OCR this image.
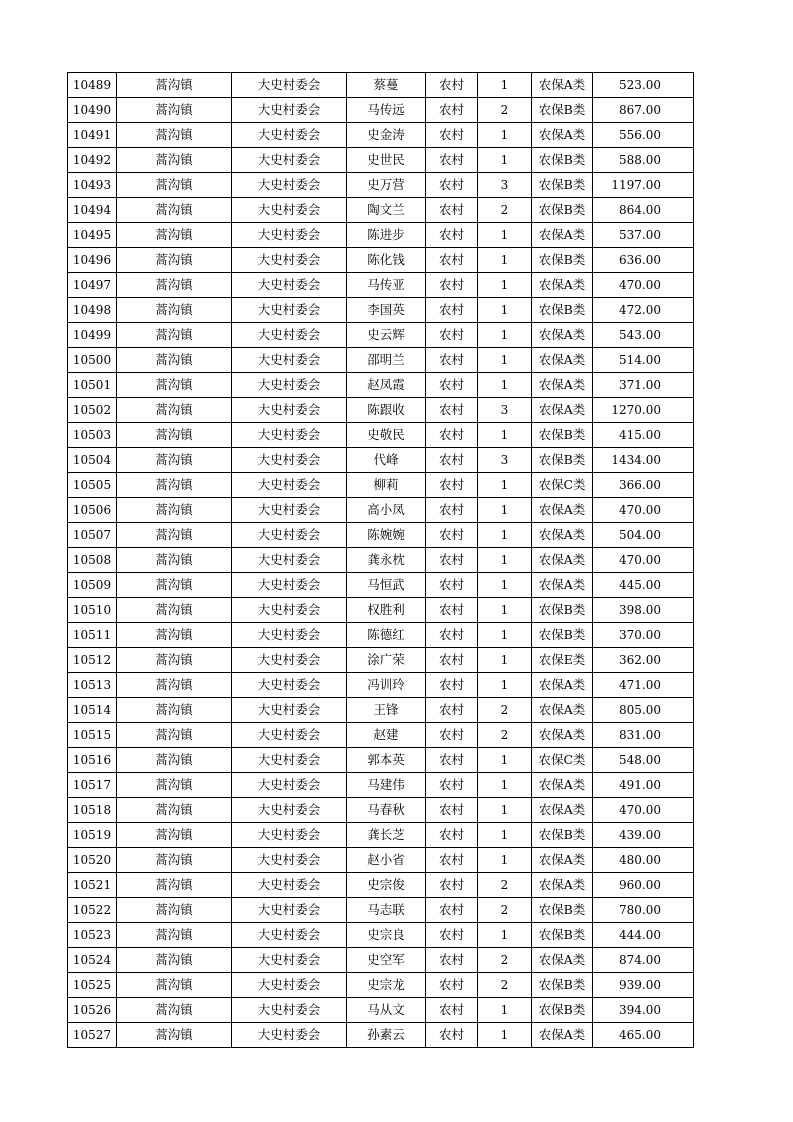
10489	蒿沟镇	大史村委会	蔡蔓	农村	1	农保A类	523.00
10490	蒿沟镇	大史村委会	马传远	农村	2	农保B类	867.00
10491	蒿沟镇	大史村委会	史金涛	农村	1	农保A类	556.00
10492	蒿沟镇	大史村委会	史世民	农村	1	农保B类	588.00
10493	蒿沟镇	大史村委会	史万营	农村	3	农保B类	1197.00
10494	蒿沟镇	大史村委会	陶文兰	农村	2	农保B类	864.00
10495	蒿沟镇	大史村委会	陈进步	农村	1	农保A类	537.00
10496	蒿沟镇	大史村委会	陈化钱	农村	1	农保B类	636.00
10497	蒿沟镇	大史村委会	马传亚	农村	1	农保A类	470.00
10498	蒿沟镇	大史村委会	李国英	农村	1	农保B类	472.00
10499	蒿沟镇	大史村委会	史云辉	农村	1	农保A类	543.00
10500	蒿沟镇	大史村委会	邵明兰	农村	1	农保A类	514.00
10501	蒿沟镇	大史村委会	赵凤霞	农村	1	农保A类	371.00
10502	蒿沟镇	大史村委会	陈跟收	农村	3	农保A类	1270.00
10503	蒿沟镇	大史村委会	史敬民	农村	1	农保B类	415.00
10504	蒿沟镇	大史村委会	代峰	农村	3	农保B类	1434.00
10505	蒿沟镇	大史村委会	柳莉	农村	1	农保C类	366.00
10506	蒿沟镇	大史村委会	高小凤	农村	1	农保A类	470.00
10507	蒿沟镇	大史村委会	陈婉婉	农村	1	农保A类	504.00
10508	蒿沟镇	大史村委会	龚永枕	农村	1	农保A类	470.00
10509	蒿沟镇	大史村委会	马恒武	农村	1	农保A类	445.00
10510	蒿沟镇	大史村委会	权胜利	农村	1	农保B类	398.00
10511	蒿沟镇	大史村委会	陈德红	农村	1	农保B类	370.00
10512	蒿沟镇	大史村委会	涂广荣	农村	1	农保E类	362.00
10513	蒿沟镇	大史村委会	冯训玲	农村	1	农保A类	471.00
10514	蒿沟镇	大史村委会	王锋	农村	2	农保A类	805.00
10515	蒿沟镇	大史村委会	赵建	农村	2	农保A类	831.00
10516	蒿沟镇	大史村委会	郭本英	农村	1	农保C类	548.00
10517	蒿沟镇	大史村委会	马建伟	农村	1	农保A类	491.00
10518	蒿沟镇	大史村委会	马春秋	农村	1	农保A类	470.00
10519	蒿沟镇	大史村委会	龚长芝	农村	1	农保B类	439.00
10520	蒿沟镇	大史村委会	赵小省	农村	1	农保A类	480.00
10521	蒿沟镇	大史村委会	史宗俊	农村	2	农保A类	960.00
10522	蒿沟镇	大史村委会	马志联	农村	2	农保B类	780.00
10523	蒿沟镇	大史村委会	史宗良	农村	1	农保B类	444.00
10524	蒿沟镇	大史村委会	史空军	农村	2	农保A类	874.00
10525	蒿沟镇	大史村委会	史宗龙	农村	2	农保B类	939.00
10526	蒿沟镇	大史村委会	马从文	农村	1	农保B类	394.00
10527	蒿沟镇	大史村委会	孙素云	农村	1	农保A类	465.00
